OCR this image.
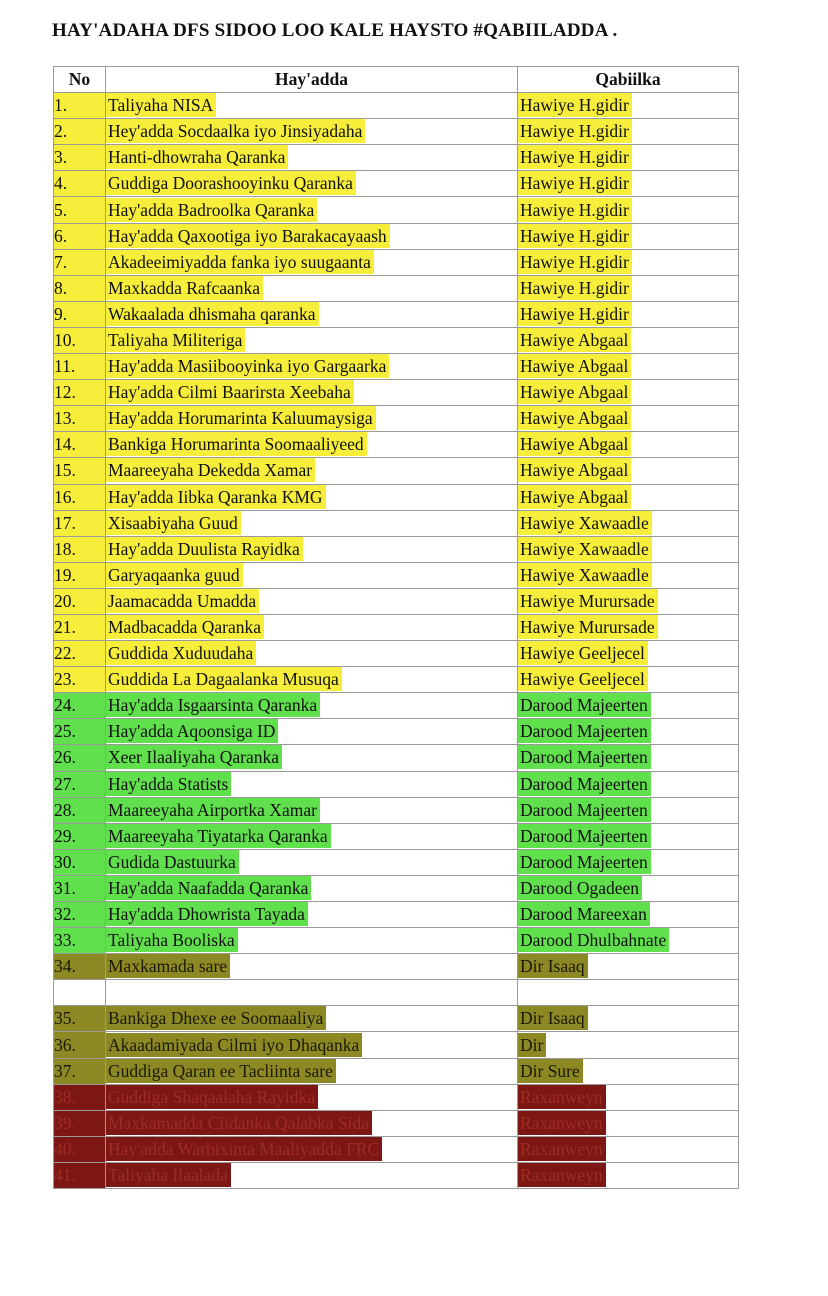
HAY'ADAHA DFS SIDOO LOO KALE HAYSTO #QABIILADDA .
No	Hay'adda	Qabiilka
1.	Taliyaha NISA	Hawiye H.gidir
2.	Hey'adda Socdaalka iyo Jinsiyadaha	Hawiye H.gidir
3.	Hanti-dhowraha Qaranka	Hawiye H.gidir
4.	Guddiga Doorashooyinku Qaranka	Hawiye H.gidir
5.	Hay'adda Badroolka Qaranka	Hawiye H.gidir
6.	Hay'adda Qaxootiga iyo Barakacayaash	Hawiye H.gidir
7.	Akadeeimiyadda fanka iyo suugaanta	Hawiye H.gidir
8.	Maxkadda Rafcaanka	Hawiye H.gidir
9.	Wakaalada dhismaha qaranka	Hawiye H.gidir
10.	Taliyaha Militeriga	Hawiye Abgaal
11.	Hay'adda Masiibooyinka iyo Gargaarka	Hawiye Abgaal
12.	Hay'adda Cilmi Baarirsta Xeebaha	Hawiye Abgaal
13.	Hay'adda Horumarinta Kaluumaysiga	Hawiye Abgaal
14.	Bankiga Horumarinta Soomaaliyeed	Hawiye Abgaal
15.	Maareeyaha Dekedda Xamar	Hawiye Abgaal
16.	Hay'adda Iibka Qaranka KMG	Hawiye Abgaal
17.	Xisaabiyaha Guud	Hawiye Xawaadle
18.	Hay'adda Duulista Rayidka	Hawiye Xawaadle
19.	Garyaqaanka guud	Hawiye Xawaadle
20.	Jaamacadda Umadda	Hawiye Murursade
21.	Madbacadda Qaranka	Hawiye Murursade
22.	Guddida Xuduudaha	Hawiye Geeljecel
23.	Guddida La Dagaalanka Musuqa	Hawiye Geeljecel
24.	Hay'adda Isgaarsinta Qaranka	Darood Majeerten
25.	Hay'adda Aqoonsiga ID	Darood Majeerten
26.	Xeer Ilaaliyaha Qaranka	Darood Majeerten
27.	Hay'adda Statists	Darood Majeerten
28.	Maareeyaha Airportka Xamar	Darood Majeerten
29.	Maareeyaha Tiyatarka Qaranka	Darood Majeerten
30.	Gudida Dastuurka	Darood Majeerten
31.	Hay'adda Naafadda Qaranka	Darood Ogadeen
32.	Hay'adda Dhowrista Tayada	Darood Mareexan
33.	Taliyaha Booliska	Darood Dhulbahnate
34.	Maxkamada sare	Dir Isaaq

35.	Bankiga Dhexe ee Soomaaliya	Dir Isaaq
36.	Akaadamiyada Cilmi iyo Dhaqanka	Dir
37.	Guddiga Qaran ee Tacliinta sare	Dir Sure
38.	Guddiga Shaqaalaha Rayidka	Raxanweyn
39.	Maxkamadda Ciidanka Qalabka Sida	Raxanweyn
40.	Hay'adda Warbixinta Maaliyadda FRC	Raxanweyn
41.	Taliyaha Ilaalada	Raxanweyn
